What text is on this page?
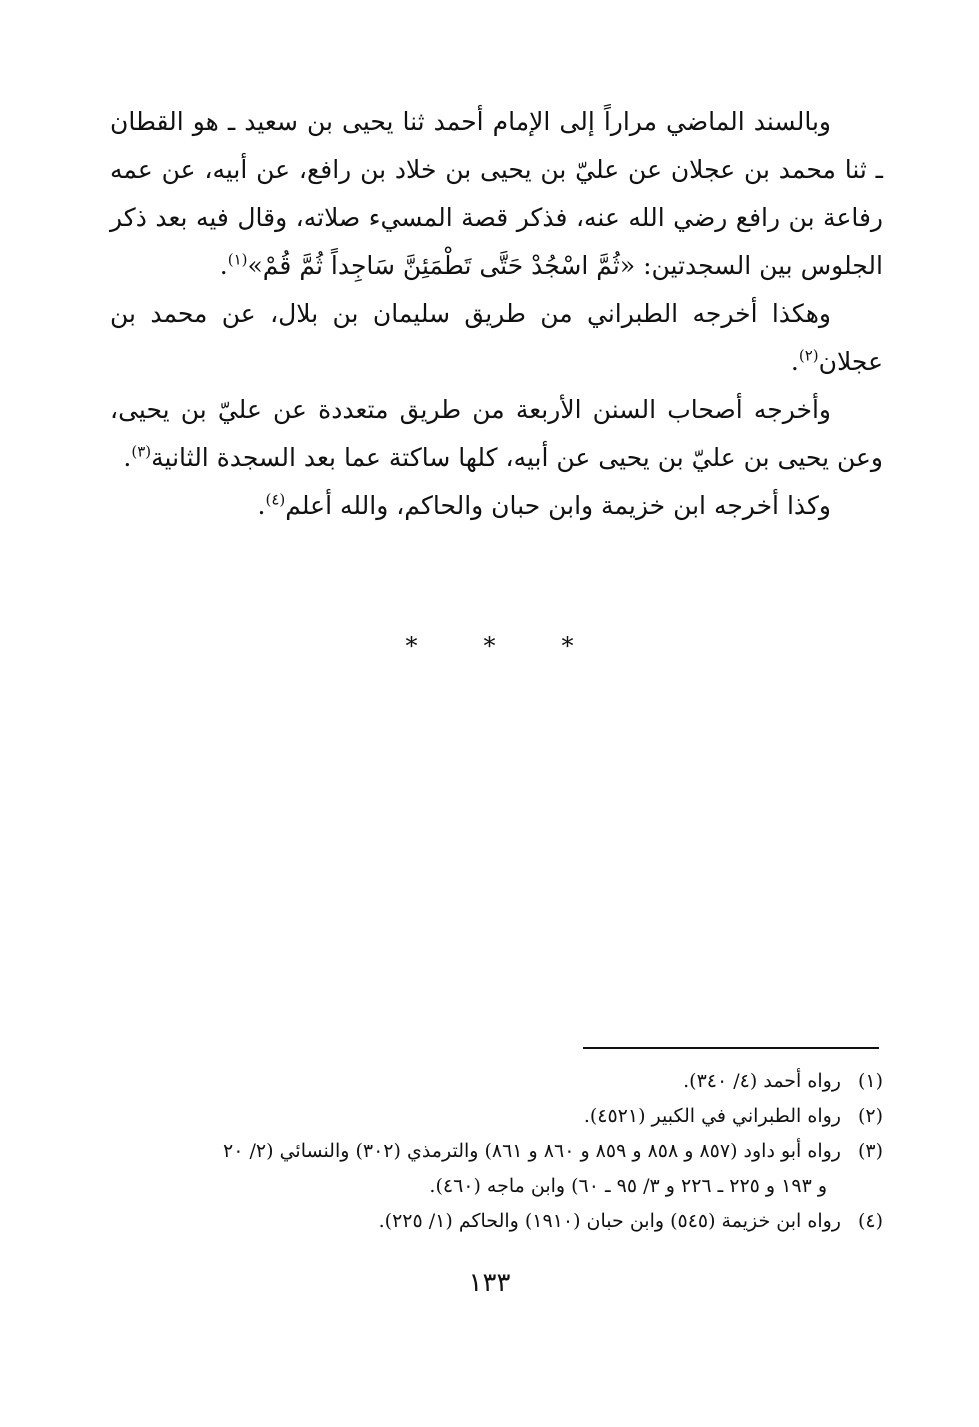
وبالسند الماضي مراراً إلى الإمام أحمد ثنا يحيى بن سعيد ـ هو القطان ـ ثنا محمد بن عجلان عن عليّ بن يحيى بن خلاد بن رافع، عن أبيه، عن عمه رفاعة بن رافع رضي الله عنه، فذكر قصة المسيء صلاته، وقال فيه بعد ذكر الجلوس بين السجدتين: «ثُمَّ اسْجُدْ حَتَّى تَطْمَئِنَّ سَاجِداً ثُمَّ قُمْ»$^{(١)}$.

وهكذا أخرجه الطبراني من طريق سليمان بن بلال، عن محمد بن عجلان$^{(٢)}$.

وأخرجه أصحاب السنن الأربعة من طريق متعددة عن عليّ بن يحيى، وعن يحيى بن عليّ بن يحيى عن أبيه، كلها ساكتة عما بعد السجدة الثانية$^{(٣)}$.

وكذا أخرجه ابن خزيمة وابن حبان والحاكم، والله أعلم$^{(٤)}$.

***

(١) رواه أحمد (٤/ ٣٤٠).

(٢) رواه الطبراني في الكبير (٤٥٢١).

(٣) رواه أبو داود (٨٥٧ و ٨٥٨ و ٨٥٩ و ٨٦٠ و ٨٦١) والترمذي (٣٠٢) والنسائي (٢/ ٢٠

و ١٩٣ و ٢٢٥ ـ ٢٢٦ و ٣/ ٩٥ ـ ٦٠) وابن ماجه (٤٦٠).

(٤) رواه ابن خزيمة (٥٤٥) وابن حبان (١٩١٠) والحاكم (١/ ٢٢٥).

١٣٣
